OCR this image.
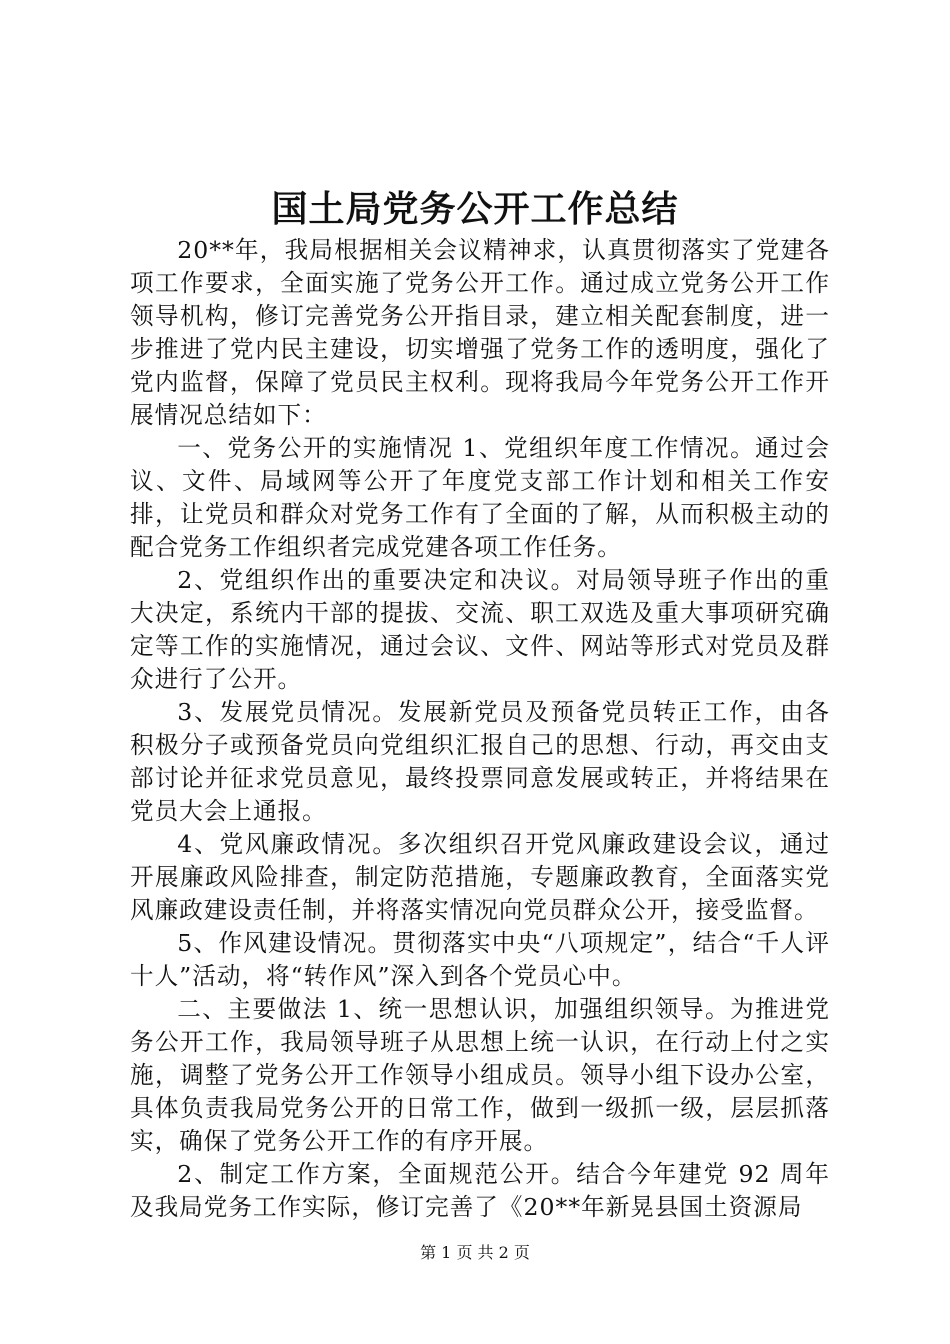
国土局党务公开工作总结

20**年，我局根据相关会议精神求，认真贯彻落实了党建各项工作要求，全面实施了党务公开工作。通过成立党务公开工作领导机构，修订完善党务公开指目录，建立相关配套制度，进一步推进了党内民主建设，切实增强了党务工作的透明度，强化了党内监督，保障了党员民主权利。现将我局今年党务公开工作开展情况总结如下：

一、党务公开的实施情况 1、党组织年度工作情况。通过会议、文件、局域网等公开了年度党支部工作计划和相关工作安排，让党员和群众对党务工作有了全面的了解，从而积极主动的配合党务工作组织者完成党建各项工作任务。

2、党组织作出的重要决定和决议。对局领导班子作出的重大决定，系统内干部的提拔、交流、职工双选及重大事项研究确定等工作的实施情况，通过会议、文件、网站等形式对党员及群众进行了公开。

3、发展党员情况。发展新党员及预备党员转正工作，由各积极分子或预备党员向党组织汇报自己的思想、行动，再交由支部讨论并征求党员意见，最终投票同意发展或转正，并将结果在党员大会上通报。

4、党风廉政情况。多次组织召开党风廉政建设会议，通过开展廉政风险排查，制定防范措施，专题廉政教育，全面落实党风廉政建设责任制，并将落实情况向党员群众公开，接受监督。

5、作风建设情况。贯彻落实中央“八项规定”，结合“千人评十人”活动，将“转作风”深入到各个党员心中。

二、主要做法 1、统一思想认识，加强组织领导。为推进党务公开工作，我局领导班子从思想上统一认识，在行动上付之实施，调整了党务公开工作领导小组成员。领导小组下设办公室，具体负责我局党务公开的日常工作，做到一级抓一级，层层抓落实，确保了党务公开工作的有序开展。

2、制定工作方案，全面规范公开。结合今年建党 92 周年及我局党务工作实际，修订完善了《20**年新晃县国土资源局

第 1 页 共 2 页
